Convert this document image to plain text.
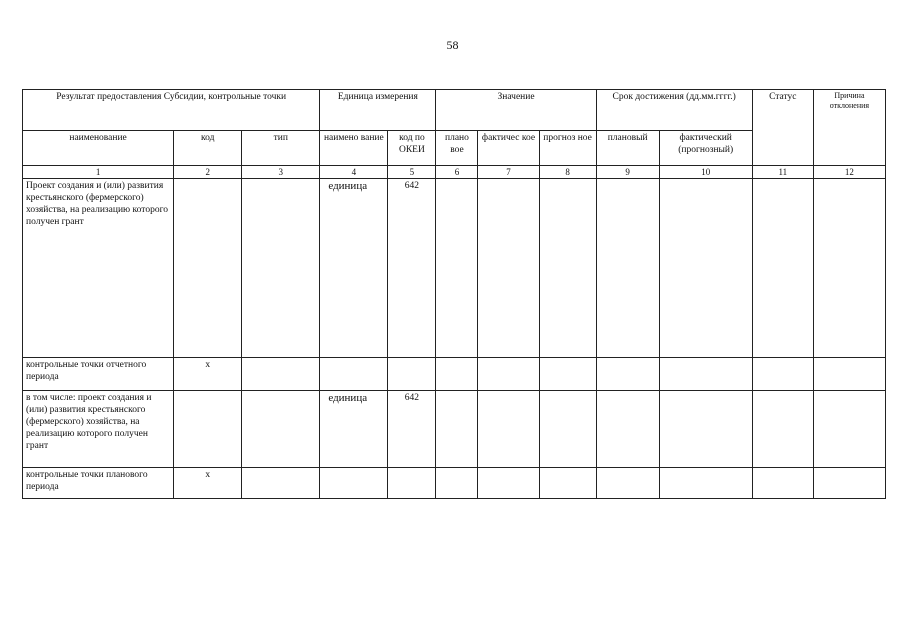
58
Результат предоставления Субсидии, контрольные точки			Единица измерения		Значение			Срок достижения (дд.мм.гггг.)		Статус	Причина отклонения
наименование	код	тип	наимено вание	код по ОКЕИ	плано вое	фактичес кое	прогноз ное	плановый	фактический (прогнозный)		
1	2	3	4	5	6	7	8	9	10	11	12
Проект создания и (или) развития крестьянского (фермерского) хозяйства, на реализацию которого получен грант			единица	642							
контрольные точки отчетного периода	x										
в том числе: проект создания и (или) развития крестьянского (фермерского) хозяйства, на реализацию которого получен грант			единица	642							
контрольные точки планового периода	x										
